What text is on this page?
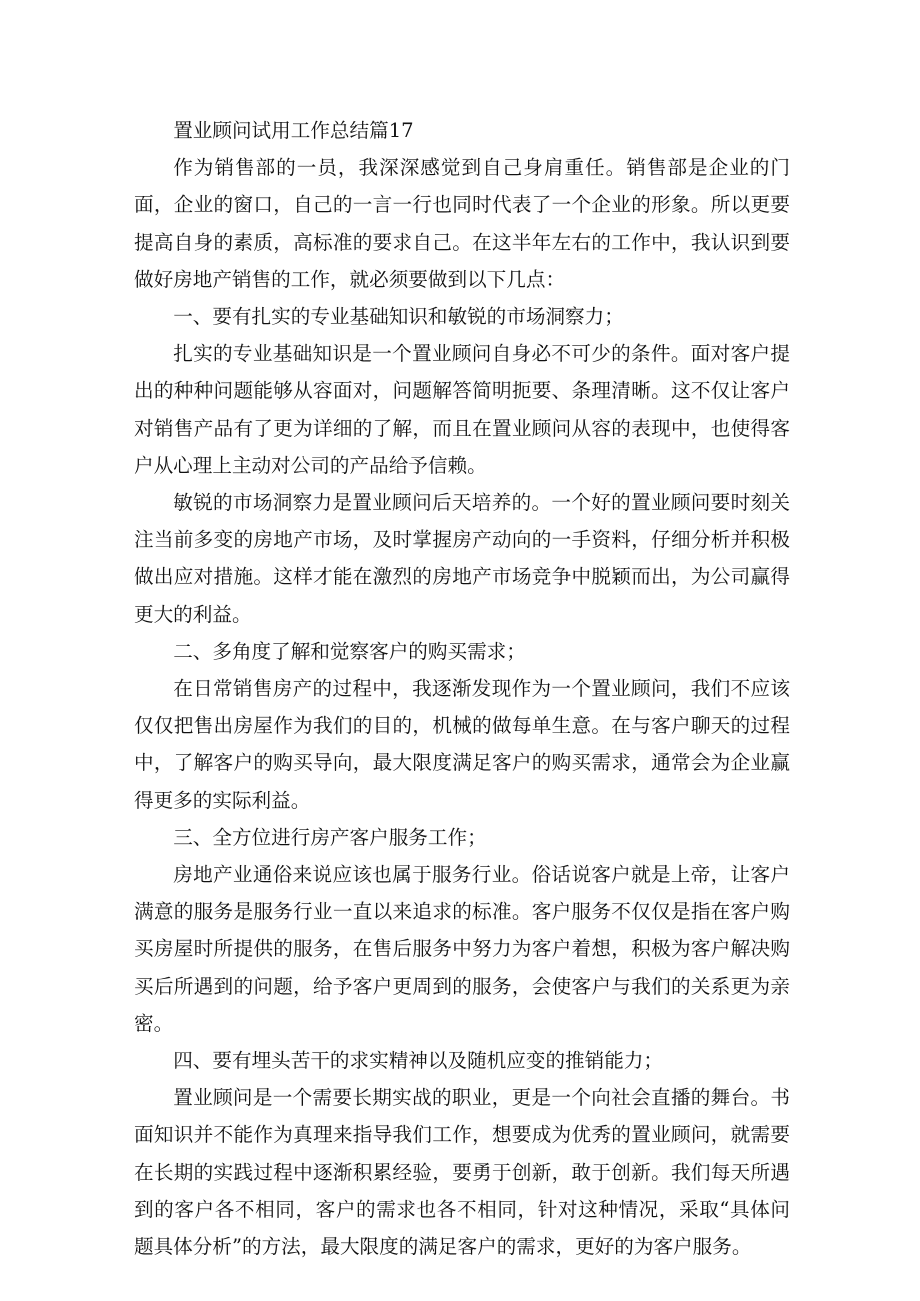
置业顾问试用工作总结篇17

作为销售部的一员，我深深感觉到自己身肩重任。销售部是企业的门面，企业的窗口，自己的一言一行也同时代表了一个企业的形象。所以更要提高自身的素质，高标准的要求自己。在这半年左右的工作中，我认识到要做好房地产销售的工作，就必须要做到以下几点：

一、要有扎实的专业基础知识和敏锐的市场洞察力；

扎实的专业基础知识是一个置业顾问自身必不可少的条件。面对客户提出的种种问题能够从容面对，问题解答简明扼要、条理清晰。这不仅让客户对销售产品有了更为详细的了解，而且在置业顾问从容的表现中，也使得客户从心理上主动对公司的产品给予信赖。

敏锐的市场洞察力是置业顾问后天培养的。一个好的置业顾问要时刻关注当前多变的房地产市场，及时掌握房产动向的一手资料，仔细分析并积极做出应对措施。这样才能在激烈的房地产市场竞争中脱颖而出，为公司赢得更大的利益。

二、多角度了解和觉察客户的购买需求；

在日常销售房产的过程中，我逐渐发现作为一个置业顾问，我们不应该仅仅把售出房屋作为我们的目的，机械的做每单生意。在与客户聊天的过程中，了解客户的购买导向，最大限度满足客户的购买需求，通常会为企业赢得更多的实际利益。

三、全方位进行房产客户服务工作；

房地产业通俗来说应该也属于服务行业。俗话说客户就是上帝，让客户满意的服务是服务行业一直以来追求的标准。客户服务不仅仅是指在客户购买房屋时所提供的服务，在售后服务中努力为客户着想，积极为客户解决购买后所遇到的问题，给予客户更周到的服务，会使客户与我们的关系更为亲密。

四、要有埋头苦干的求实精神以及随机应变的推销能力；

置业顾问是一个需要长期实战的职业，更是一个向社会直播的舞台。书面知识并不能作为真理来指导我们工作，想要成为优秀的置业顾问，就需要在长期的实践过程中逐渐积累经验，要勇于创新，敢于创新。我们每天所遇到的客户各不相同，客户的需求也各不相同，针对这种情况，采取“具体问题具体分析”的方法，最大限度的满足客户的需求，更好的为客户服务。
